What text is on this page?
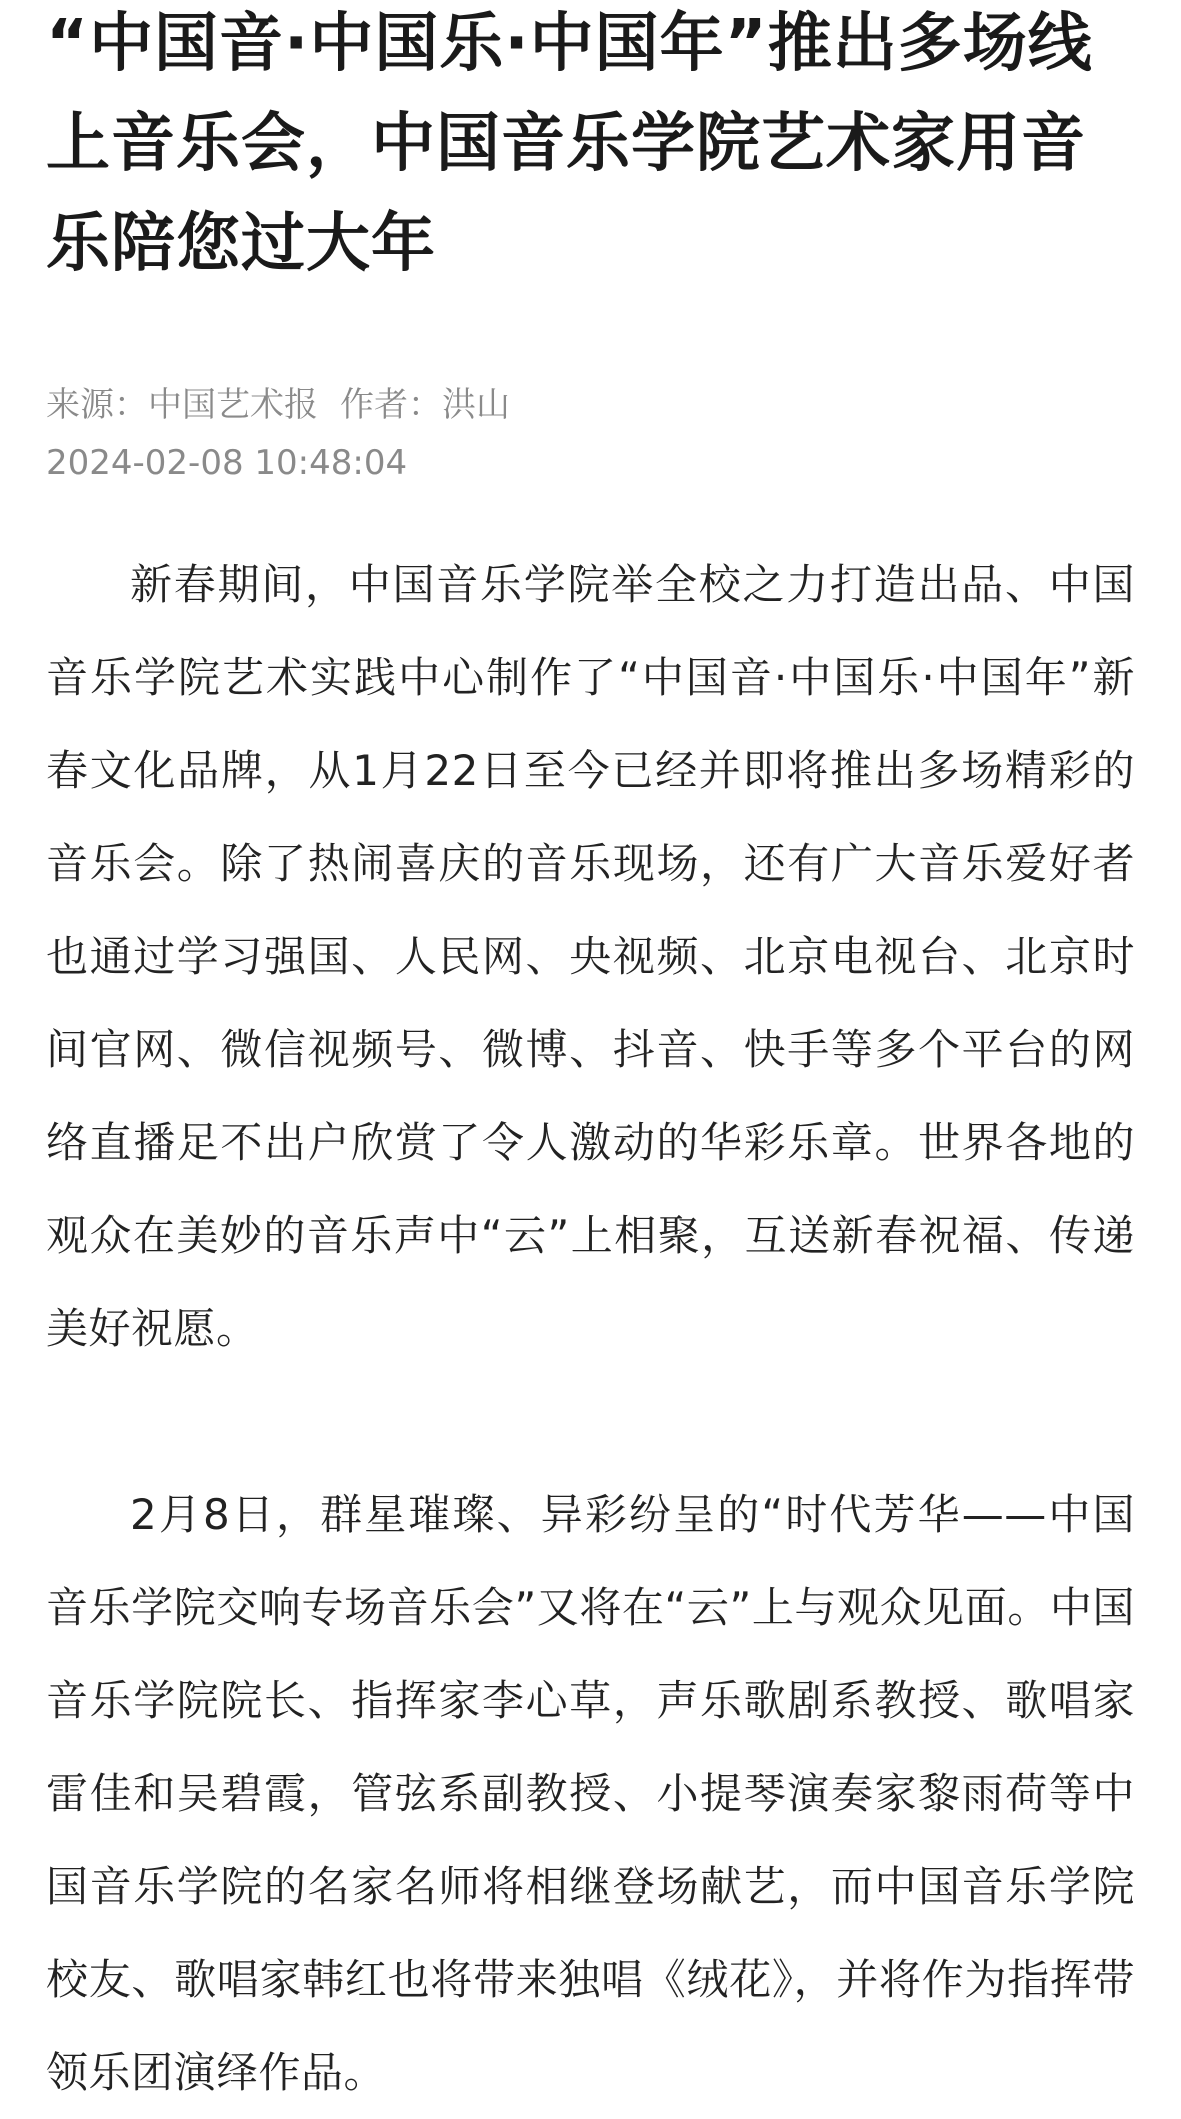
“中国音·中国乐·中国年”推出多场线上音乐会，中国音乐学院艺术家用音乐陪您过大年
来源：中国艺术报 作者：洪山
2024-02-08 10:48:04

新春期间，中国音乐学院举全校之力打造出品、中国音乐学院艺术实践中心制作了“中国音·中国乐·中国年”新春文化品牌，从1月22日至今已经并即将推出多场精彩的音乐会。除了热闹喜庆的音乐现场，还有广大音乐爱好者也通过学习强国、人民网、央视频、北京电视台、北京时间官网、微信视频号、微博、抖音、快手等多个平台的网络直播足不出户欣赏了令人激动的华彩乐章。世界各地的观众在美妙的音乐声中“云”上相聚，互送新春祝福、传递美好祝愿。

2月8日，群星璀璨、异彩纷呈的“时代芳华——中国音乐学院交响专场音乐会”又将在“云”上与观众见面。中国音乐学院院长、指挥家李心草，声乐歌剧系教授、歌唱家雷佳和吴碧霞，管弦系副教授、小提琴演奏家黎雨荷等中国音乐学院的名家名师将相继登场献艺，而中国音乐学院校友、歌唱家韩红也将带来独唱《绒花》，并将作为指挥带领乐团演绎作品。
